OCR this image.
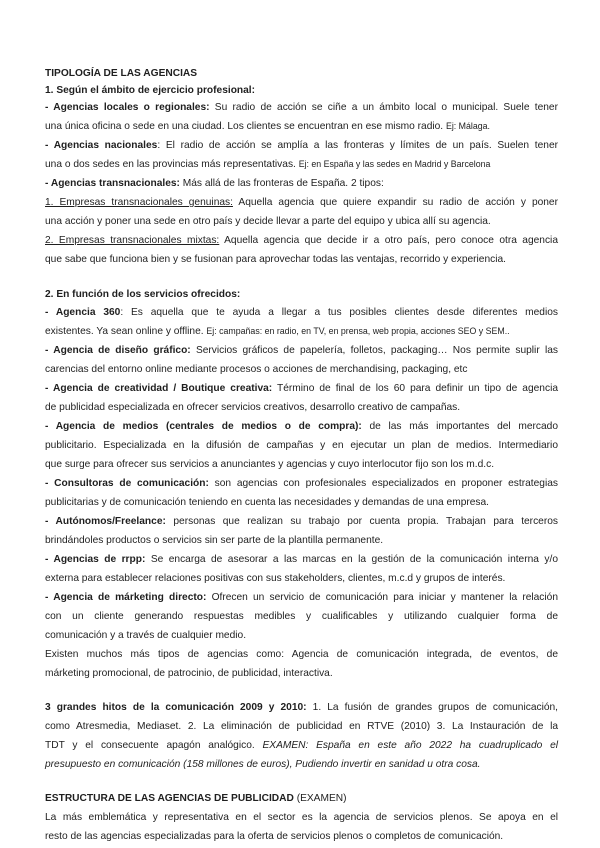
TIPOLOGÍA DE LAS AGENCIAS
1. Según el ámbito de ejercicio profesional:
- Agencias locales o regionales: Su radio de acción se ciñe a un ámbito local o municipal. Suele tener
una única oficina o sede en una ciudad. Los clientes se encuentran en ese mismo radio. Ej: Málaga.
- Agencias nacionales: El radio de acción se amplía a las fronteras y límites de un país. Suelen tener
una o dos sedes en las provincias más representativas. Ej: en España y las sedes en Madrid y Barcelona
- Agencias transnacionales: Más allá de las fronteras de España. 2 tipos:
1. Empresas transnacionales genuinas: Aquella agencia que quiere expandir su radio de acción y poner
una acción y poner una sede en otro país y decide llevar a parte del equipo y ubica allí su agencia.
2. Empresas transnacionales mixtas: Aquella agencia que decide ir a otro país, pero conoce otra agencia
que sabe que funciona bien y se fusionan para aprovechar todas las ventajas, recorrido y experiencia.
2. En función de los servicios ofrecidos:
- Agencia 360: Es aquella que te ayuda a llegar a tus posibles clientes desde diferentes medios
existentes. Ya sean online y offline. Ej: campañas: en radio, en TV, en prensa, web propia, acciones SEO y SEM..
- Agencia de diseño gráfico: Servicios gráficos de papelería, folletos, packaging… Nos permite suplir las
carencias del entorno online mediante procesos o acciones de merchandising, packaging, etc
- Agencia de creatividad / Boutique creativa: Término de final de los 60 para definir un tipo de agencia
de publicidad especializada en ofrecer servicios creativos, desarrollo creativo de campañas.
- Agencia de medios (centrales de medios o de compra): de las más importantes del mercado
publicitario. Especializada en la difusión de campañas y en ejecutar un plan de medios. Intermediario
que surge para ofrecer sus servicios a anunciantes y agencias y cuyo interlocutor fijo son los m.d.c.
- Consultoras de comunicación: son agencias con profesionales especializados en proponer estrategias
publicitarias y de comunicación teniendo en cuenta las necesidades y demandas de una empresa.
- Autónomos/Freelance: personas que realizan su trabajo por cuenta propia. Trabajan para terceros
brindándoles productos o servicios sin ser parte de la plantilla permanente.
- Agencias de rrpp: Se encarga de asesorar a las marcas en la gestión de la comunicación interna y/o
externa para establecer relaciones positivas con sus stakeholders, clientes, m.c.d y grupos de interés.
- Agencia de márketing directo: Ofrecen un servicio de comunicación para iniciar y mantener la relación
con un cliente generando respuestas medibles y cualificables y utilizando cualquier forma de
comunicación y a través de cualquier medio.
Existen muchos más tipos de agencias como: Agencia de comunicación integrada, de eventos, de
márketing promocional, de patrocinio, de publicidad, interactiva.
3 grandes hitos de la comunicación 2009 y 2010: 1. La fusión de grandes grupos de comunicación,
como Atresmedia, Mediaset. 2. La eliminación de publicidad en RTVE (2010) 3. La Instauración de la
TDT y el consecuente apagón analógico. EXAMEN: España en este año 2022 ha cuadruplicado el
presupuesto en comunicación (158 millones de euros), Pudiendo invertir en sanidad u otra cosa.
ESTRUCTURA DE LAS AGENCIAS DE PUBLICIDAD (EXAMEN)
La más emblemática y representativa en el sector es la agencia de servicios plenos. Se apoya en el
resto de las agencias especializadas para la oferta de servicios plenos o completos de comunicación.
